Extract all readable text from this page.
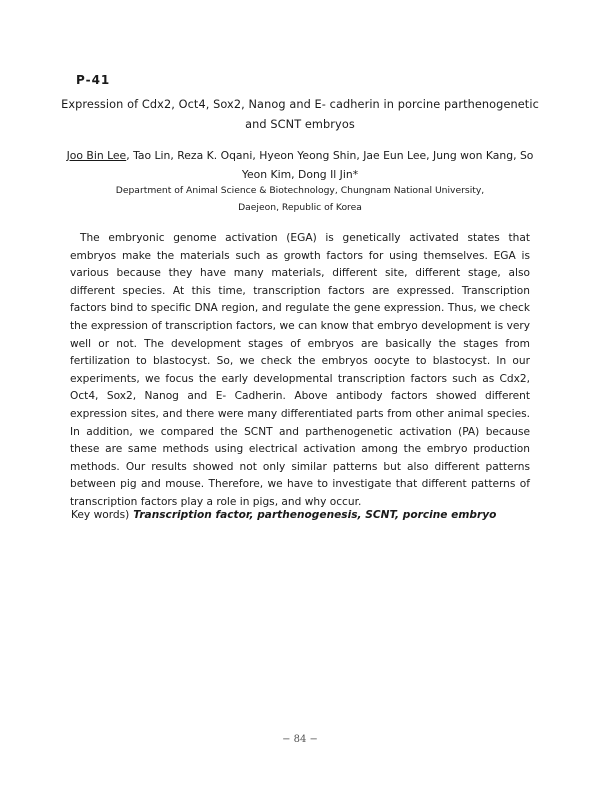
P-41

Expression of Cdx2, Oct4, Sox2, Nanog and E- cadherin in porcine parthenogenetic and SCNT embryos

Joo Bin Lee, Tao Lin, Reza K. Oqani, Hyeon Yeong Shin, Jae Eun Lee, Jung won Kang, So Yeon Kim, Dong Il Jin*

Department of Animal Science & Biotechnology, Chungnam National University,
Daejeon, Republic of Korea

The embryonic genome activation (EGA) is genetically activated states that embryos make the materials such as growth factors for using themselves. EGA is various because they have many materials, different site, different stage, also different species. At this time, transcription factors are expressed. Transcription factors bind to specific DNA region, and regulate the gene expression. Thus, we check the expression of transcription factors, we can know that embryo development is very well or not. The development stages of embryos are basically the stages from fertilization to blastocyst. So, we check the embryos oocyte to blastocyst. In our experiments, we focus the early developmental transcription factors such as Cdx2, Oct4, Sox2, Nanog and E- Cadherin. Above antibody factors showed different expression sites, and there were many differentiated parts from other animal species. In addition, we compared the SCNT and parthenogenetic activation (PA) because these are same methods using electrical activation among the embryo production methods. Our results showed not only similar patterns but also different patterns between pig and mouse. Therefore, we have to investigate that different patterns of transcription factors play a role in pigs, and why occur.

Key words) Transcription factor, parthenogenesis, SCNT, porcine embryo

− 84 −
